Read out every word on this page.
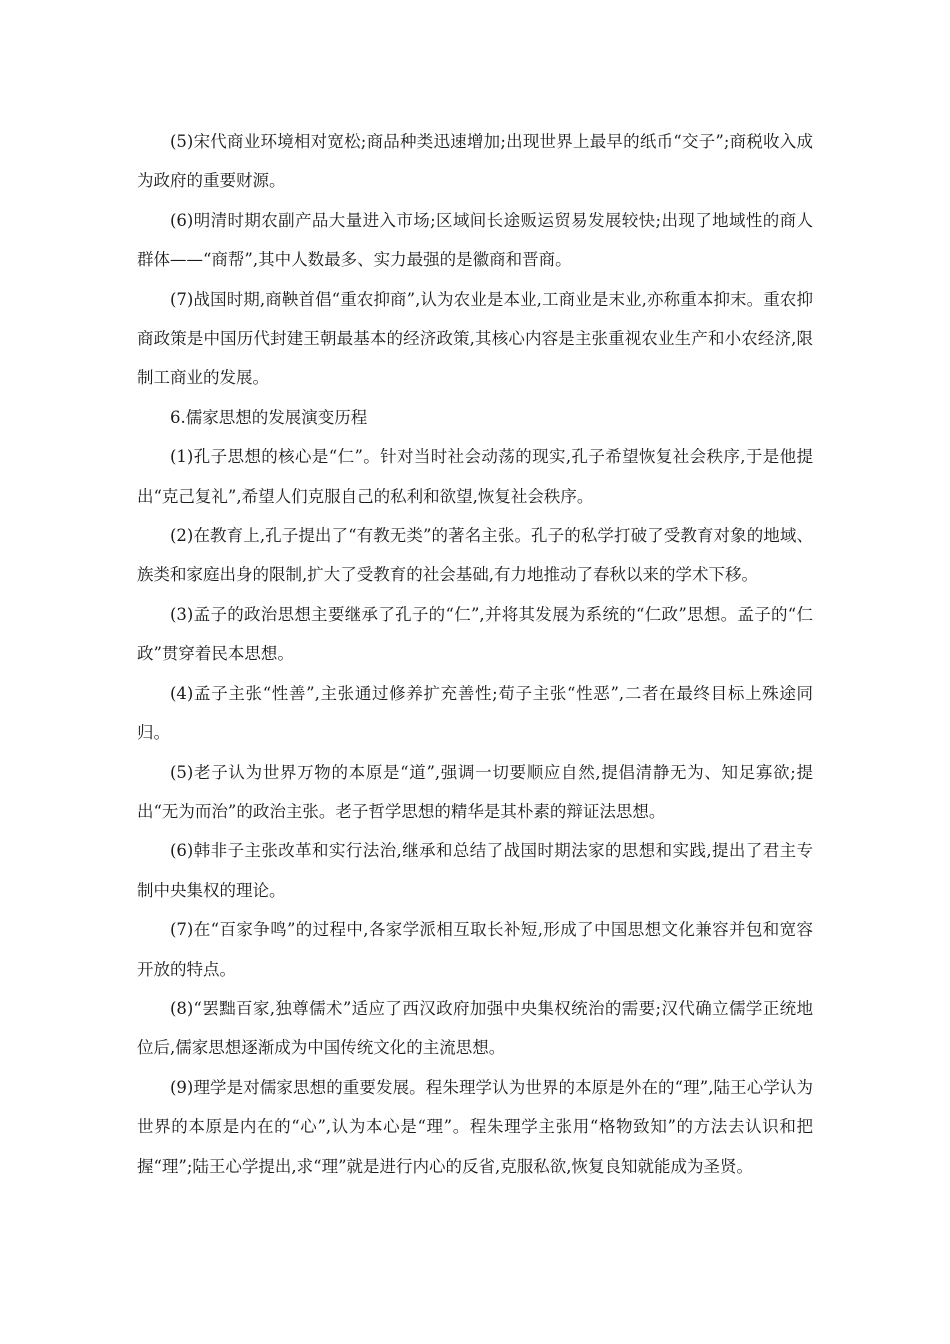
(5)宋代商业环境相对宽松;商品种类迅速增加;出现世界上最早的纸币“交子”;商税收入成为政府的重要财源。

(6)明清时期农副产品大量进入市场;区域间长途贩运贸易发展较快;出现了地域性的商人群体——“商帮”,其中人数最多、实力最强的是徽商和晋商。

(7)战国时期,商鞅首倡“重农抑商”,认为农业是本业,工商业是末业,亦称重本抑末。重农抑商政策是中国历代封建王朝最基本的经济政策,其核心内容是主张重视农业生产和小农经济,限制工商业的发展。

6.儒家思想的发展演变历程

(1)孔子思想的核心是“仁”。针对当时社会动荡的现实,孔子希望恢复社会秩序,于是他提出“克己复礼”,希望人们克服自己的私利和欲望,恢复社会秩序。

(2)在教育上,孔子提出了“有教无类”的著名主张。孔子的私学打破了受教育对象的地域、族类和家庭出身的限制,扩大了受教育的社会基础,有力地推动了春秋以来的学术下移。

(3)孟子的政治思想主要继承了孔子的“仁”,并将其发展为系统的“仁政”思想。孟子的“仁政”贯穿着民本思想。

(4)孟子主张“性善”,主张通过修养扩充善性;荀子主张“性恶”,二者在最终目标上殊途同归。

(5)老子认为世界万物的本原是“道”,强调一切要顺应自然,提倡清静无为、知足寡欲;提出“无为而治”的政治主张。老子哲学思想的精华是其朴素的辩证法思想。

(6)韩非子主张改革和实行法治,继承和总结了战国时期法家的思想和实践,提出了君主专制中央集权的理论。

(7)在“百家争鸣”的过程中,各家学派相互取长补短,形成了中国思想文化兼容并包和宽容开放的特点。

(8)“罢黜百家,独尊儒术”适应了西汉政府加强中央集权统治的需要;汉代确立儒学正统地位后,儒家思想逐渐成为中国传统文化的主流思想。

(9)理学是对儒家思想的重要发展。程朱理学认为世界的本原是外在的“理”,陆王心学认为世界的本原是内在的“心”,认为本心是“理”。程朱理学主张用“格物致知”的方法去认识和把握“理”;陆王心学提出,求“理”就是进行内心的反省,克服私欲,恢复良知就能成为圣贤。
